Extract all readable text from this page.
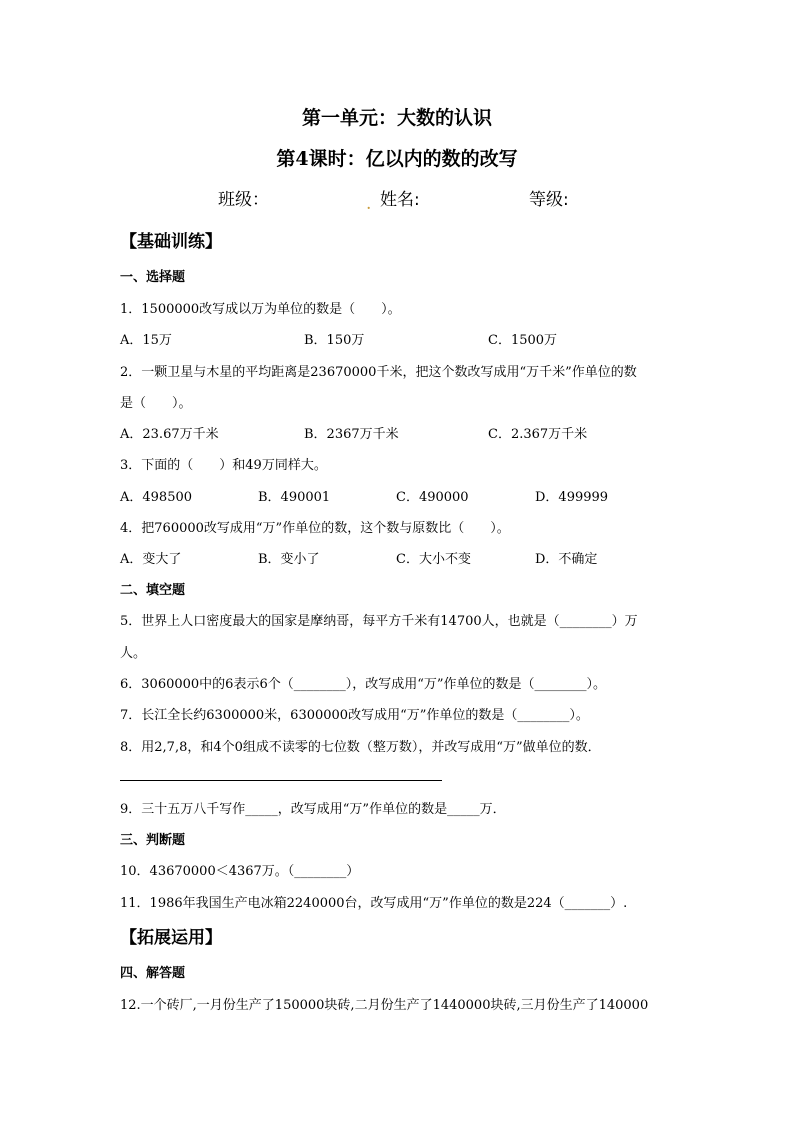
第一单元：大数的认识
第4课时：亿以内的数的改写
班级：	. 姓名:	等级:
【基础训练】
一、选择题
1．1500000改写成以万为单位的数是（　　）。
A．15万	B．150万	C．1500万
2．一颗卫星与木星的平均距离是23670000千米，把这个数改写成用“万千米”作单位的数
是（　　）。
A．23.67万千米	B．2367万千米	C．2.367万千米
3．下面的（　　）和49万同样大。
A．498500	B．490001	C．490000	D．499999
4．把760000改写成用“万”作单位的数，这个数与原数比（　　）。
A．变大了	B．变小了	C．大小不变	D．不确定
二、填空题
5．世界上人口密度最大的国家是摩纳哥，每平方千米有14700人，也就是（________）万
人。
6．3060000中的6表示6个（________），改写成用“万”作单位的数是（________）。
7．长江全长约6300000米，6300000改写成用“万”作单位的数是（________）。
8．用2,7,8，和4个0组成不读零的七位数（整万数），并改写成用“万”做单位的数．
9．三十五万八千写作_____，改写成用“万”作单位的数是_____万．
三、判断题
10．43670000＜4367万。（________）
11．1986年我国生产电冰箱2240000台，改写成用“万”作单位的数是224（_______）.
【拓展运用】
四、解答题
12.一个砖厂,一月份生产了150000块砖,二月份生产了1440000块砖,三月份生产了140000
